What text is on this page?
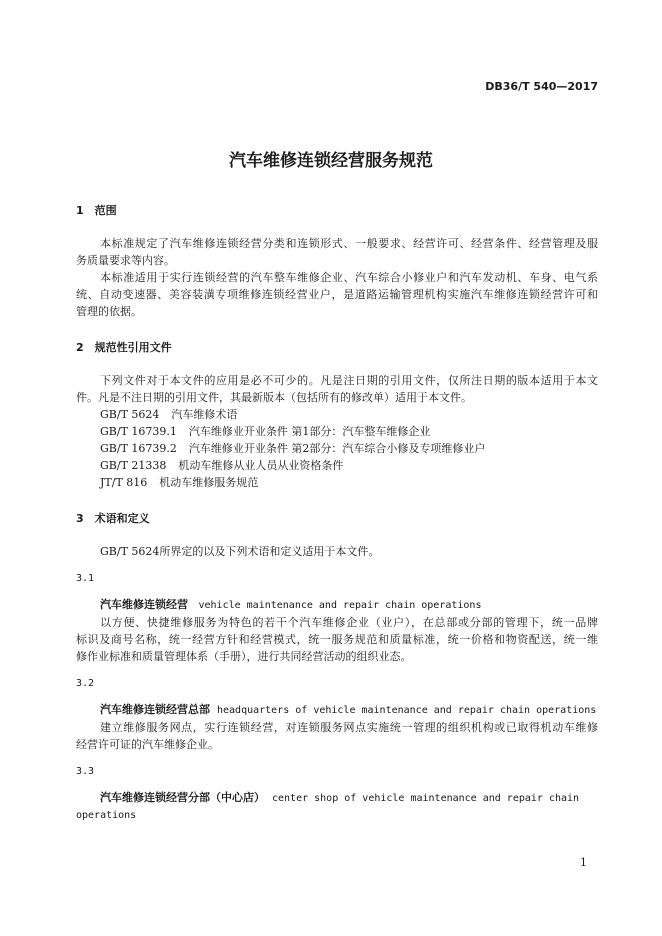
DB36/T 540—2017
汽车维修连锁经营服务规范
1　范围
本标准规定了汽车维修连锁经营分类和连锁形式、一般要求、经营许可、经营条件、经营管理及服
务质量要求等内容。
本标准适用于实行连锁经营的汽车整车维修企业、汽车综合小修业户和汽车发动机、车身、电气系
统、自动变速器、美容装潢专项维修连锁经营业户，是道路运输管理机构实施汽车维修连锁经营许可和
管理的依据。
2　规范性引用文件
下列文件对于本文件的应用是必不可少的。凡是注日期的引用文件，仅所注日期的版本适用于本文
件。凡是不注日期的引用文件，其最新版本（包括所有的修改单）适用于本文件。
GB/T 5624 汽车维修术语
GB/T 16739.1 汽车维修业开业条件 第1部分：汽车整车维修企业
GB/T 16739.2 汽车维修业开业条件 第2部分：汽车综合小修及专项维修业户
GB/T 21338 机动车维修从业人员从业资格条件
JT/T 816 机动车维修服务规范
3　术语和定义
GB/T 5624所界定的以及下列术语和定义适用于本文件。
3.1
汽车维修连锁经营 vehicle maintenance and repair chain operations
以方便、快捷维修服务为特色的若干个汽车维修企业（业户），在总部或分部的管理下，统一品牌
标识及商号名称，统一经营方针和经营模式，统一服务规范和质量标准，统一价格和物资配送，统一维
修作业标准和质量管理体系（手册），进行共同经营活动的组织业态。
3.2
汽车维修连锁经营总部 headquarters of vehicle maintenance and repair chain operations
建立维修服务网点，实行连锁经营，对连锁服务网点实施统一管理的组织机构或已取得机动车维修
经营许可证的汽车维修企业。
3.3
汽车维修连锁经营分部（中心店） center shop of vehicle maintenance and repair chain
operations
1
